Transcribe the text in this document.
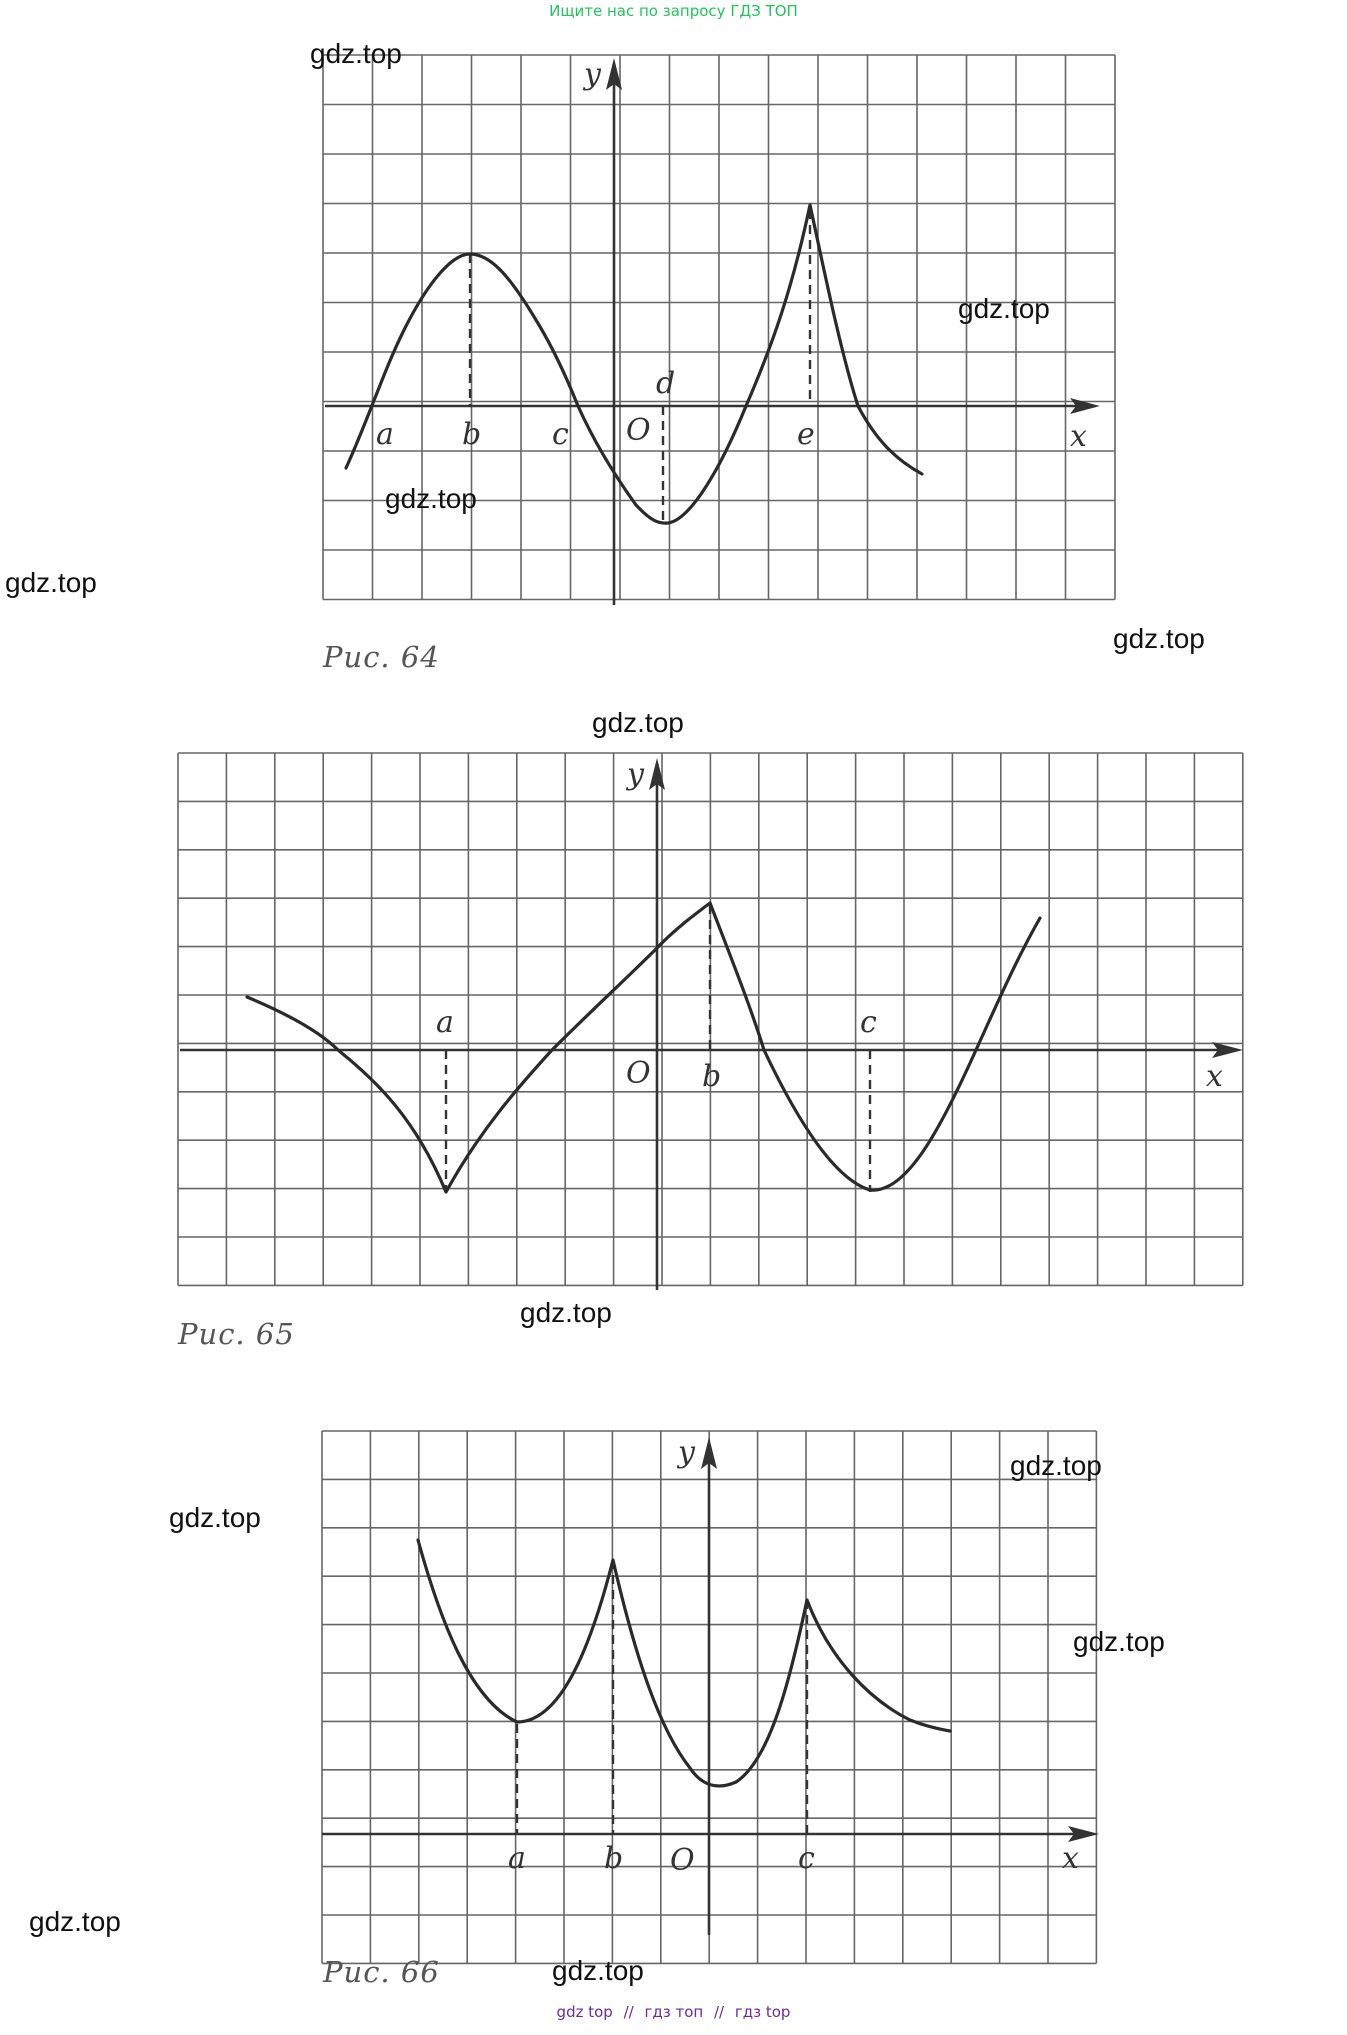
Ищите нас по запросу ГДЗ ТОП
y
x
O
a b c
d
e
y
x
O
a
b
c
y
x
O
a	b	c
Рис. 64
Рис. 65
Рис. 66
gdz.top
gdz.top
gdz.top
gdz.top
gdz.top
gdz.top
gdz.top
gdz.top
gdz.top
gdz.top
gdz.top
gdz.top
gdz top // гдз топ // гдз top
